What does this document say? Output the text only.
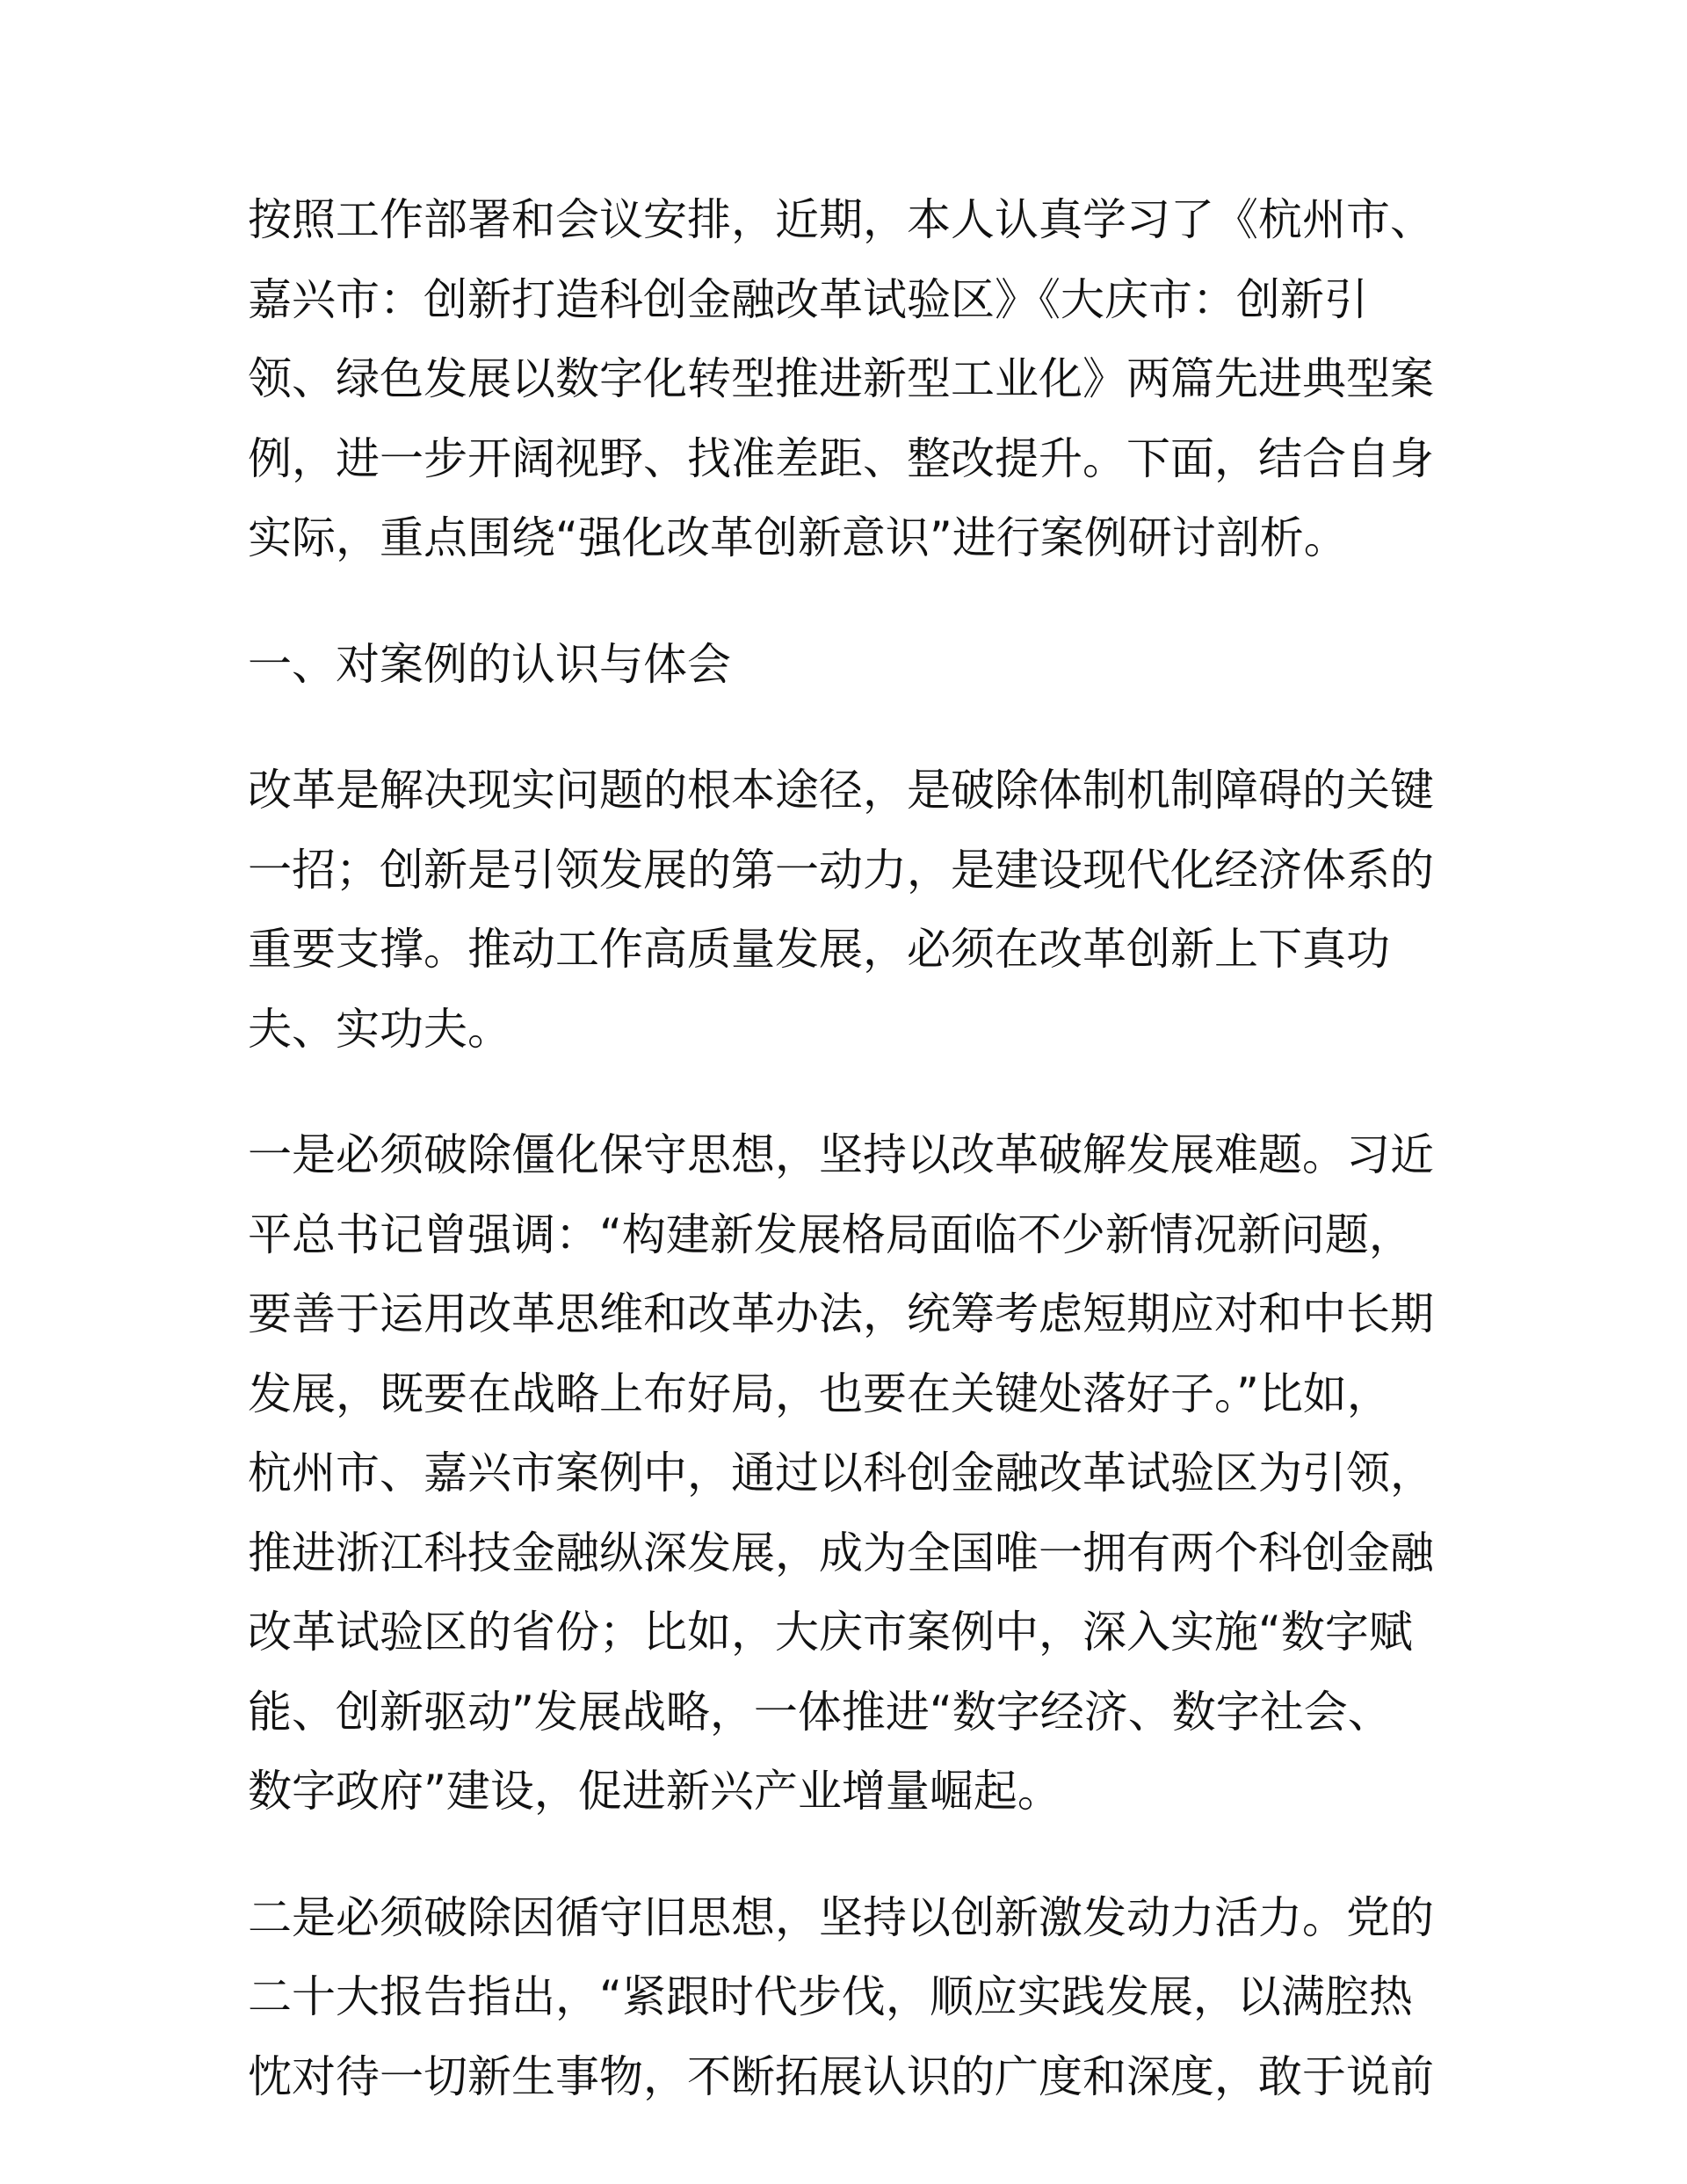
按照工作部署和会议安排，近期，本人认真学习了《杭州市、
嘉兴市：创新打造科创金融改革试验区》《大庆市：创新引
领、绿色发展以数字化转型推进新型工业化》两篇先进典型案
例，进一步开阔视野、找准差距、整改提升。下面，结合自身
实际，重点围绕“强化改革创新意识”进行案例研讨剖析。
一、对案例的认识与体会
改革是解决现实问题的根本途径，是破除体制机制障碍的关键
一招；创新是引领发展的第一动力，是建设现代化经济体系的
重要支撑。推动工作高质量发展，必须在改革创新上下真功
夫、实功夫。
一是必须破除僵化保守思想，坚持以改革破解发展难题。习近
平总书记曾强调：“构建新发展格局面临不少新情况新问题，
要善于运用改革思维和改革办法，统筹考虑短期应对和中长期
发展，既要在战略上布好局，也要在关键处落好子。”比如，
杭州市、嘉兴市案例中，通过以科创金融改革试验区为引领，
推进浙江科技金融纵深发展，成为全国唯一拥有两个科创金融
改革试验区的省份；比如，大庆市案例中，深入实施“数字赋
能、创新驱动”发展战略，一体推进“数字经济、数字社会、
数字政府”建设，促进新兴产业增量崛起。
二是必须破除因循守旧思想，坚持以创新激发动力活力。党的
二十大报告指出，“紧跟时代步伐，顺应实践发展，以满腔热
忱对待一切新生事物，不断拓展认识的广度和深度，敢于说前
